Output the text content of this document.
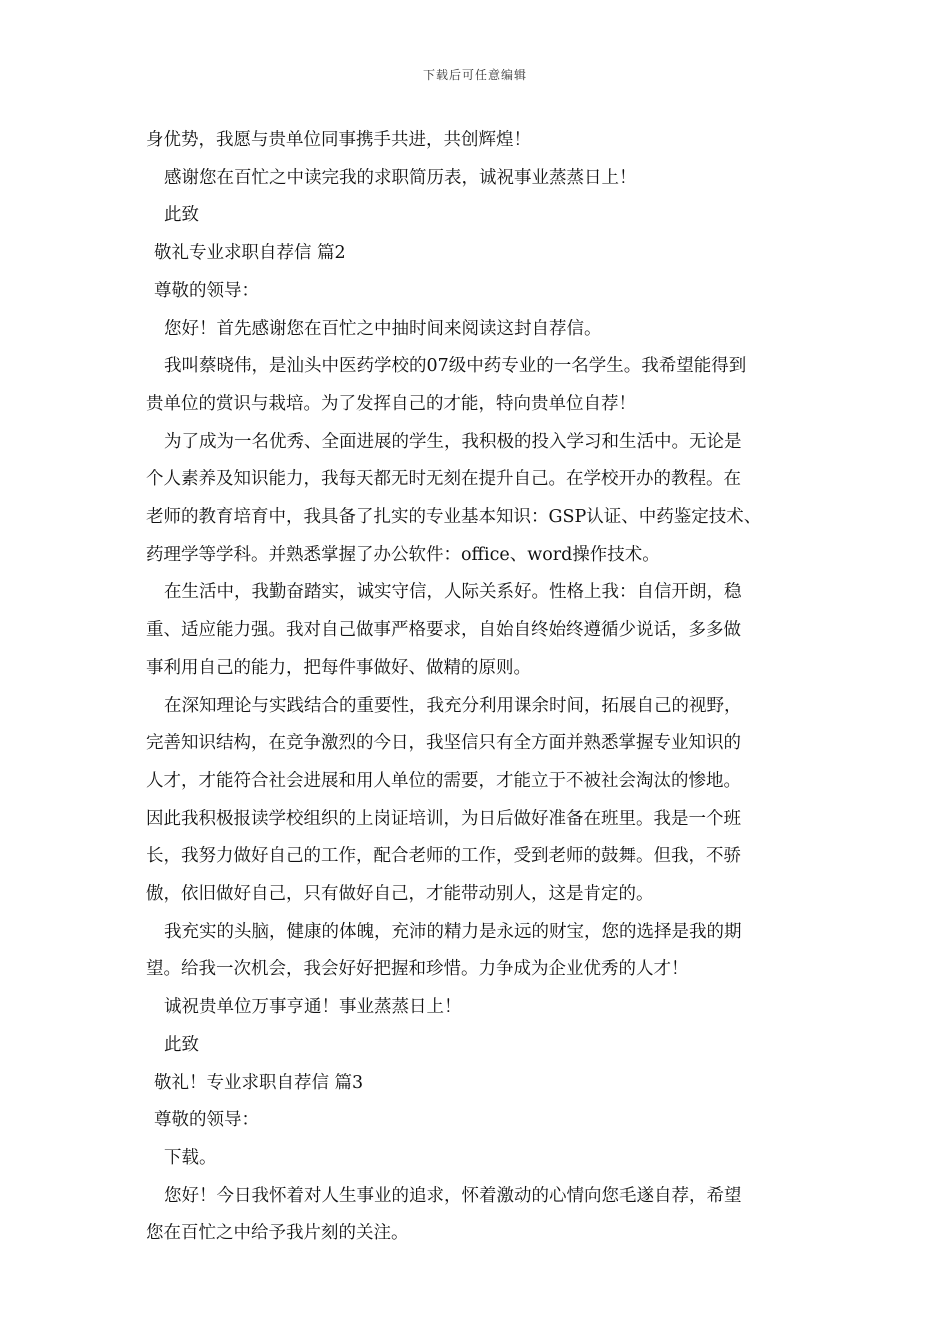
下载后可任意编辑

身优势，我愿与贵单位同事携手共进，共创辉煌！

感谢您在百忙之中读完我的求职简历表，诚祝事业蒸蒸日上！

此致

敬礼专业求职自荐信 篇2

尊敬的领导：

您好！首先感谢您在百忙之中抽时间来阅读这封自荐信。

我叫蔡晓伟，是汕头中医药学校的07级中药专业的一名学生。我希望能得到

贵单位的赏识与栽培。为了发挥自己的才能，特向贵单位自荐！

为了成为一名优秀、全面进展的学生，我积极的投入学习和生活中。无论是

个人素养及知识能力，我每天都无时无刻在提升自己。在学校开办的教程。在

老师的教育培育中，我具备了扎实的专业基本知识：GSP认证、中药鉴定技术、

药理学等学科。并熟悉掌握了办公软件：office、word操作技术。

在生活中，我勤奋踏实，诚实守信，人际关系好。性格上我：自信开朗，稳

重、适应能力强。我对自己做事严格要求，自始自终始终遵循少说话，多多做

事利用自己的能力，把每件事做好、做精的原则。

在深知理论与实践结合的重要性，我充分利用课余时间，拓展自己的视野，

完善知识结构，在竞争激烈的今日，我坚信只有全方面并熟悉掌握专业知识的

人才，才能符合社会进展和用人单位的需要，才能立于不被社会淘汰的惨地。

因此我积极报读学校组织的上岗证培训，为日后做好准备在班里。我是一个班

长，我努力做好自己的工作，配合老师的工作，受到老师的鼓舞。但我，不骄

傲，依旧做好自己，只有做好自己，才能带动别人，这是肯定的。

我充实的头脑，健康的体魄，充沛的精力是永远的财宝，您的选择是我的期

望。给我一次机会，我会好好把握和珍惜。力争成为企业优秀的人才！

诚祝贵单位万事亨通！事业蒸蒸日上！

此致

敬礼！专业求职自荐信 篇3

尊敬的领导：

下载。

您好！今日我怀着对人生事业的追求，怀着激动的心情向您毛遂自荐，希望

您在百忙之中给予我片刻的关注。
